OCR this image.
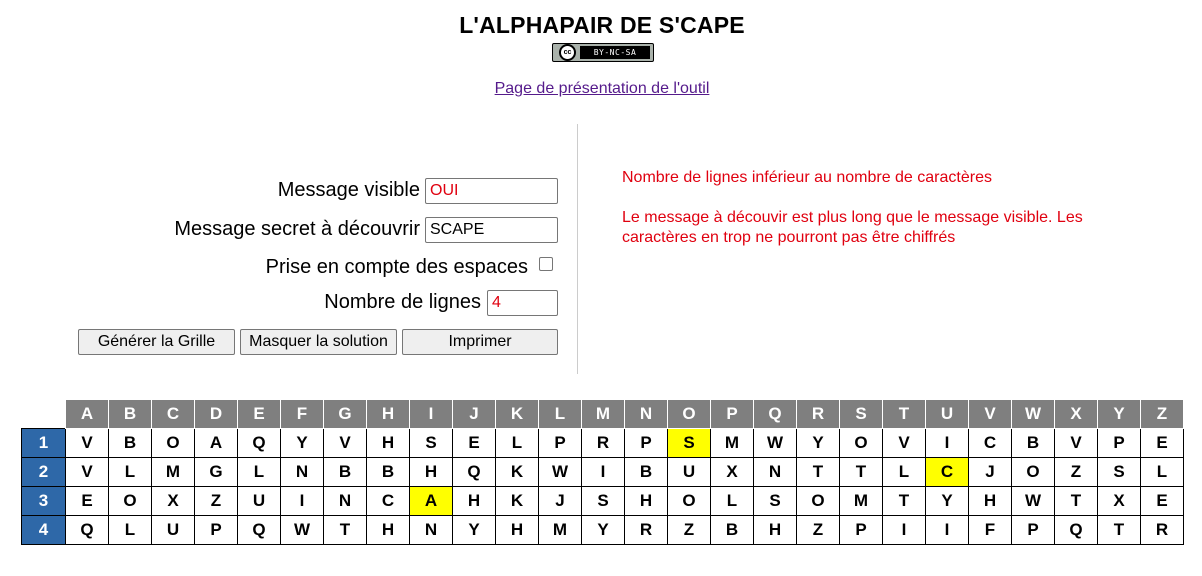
L'ALPHAPAIR DE S'CAPE
cc	BY-NC-SA
Page de présentation de l'outil
Message visible
OUI
Message secret à découvrir
SCAPE
Prise en compte des espaces
Nombre de lignes
4
Générer la Grille	Masquer la solution	Imprimer

Nombre de lignes inférieur au nombre de caractères

Le message à découvir est plus long que le message visible. Les caractères en trop ne pourront pas être chiffrés

	A	B	C	D	E	F	G	H	I	J	K	L	M	N	O	P	Q	R	S	T	U	V	W	X	Y	Z
1	V	B	O	A	Q	Y	V	H	S	E	L	P	R	P	S	M	W	Y	O	V	I	C	B	V	P	E
2	V	L	M	G	L	N	B	B	H	Q	K	W	I	B	U	X	N	T	T	L	C	J	O	Z	S	L
3	E	O	X	Z	U	I	N	C	A	H	K	J	S	H	O	L	S	O	M	T	Y	H	W	T	X	E
4	Q	L	U	P	Q	W	T	H	N	Y	H	M	Y	R	Z	B	H	Z	P	I	I	F	P	Q	T	R
